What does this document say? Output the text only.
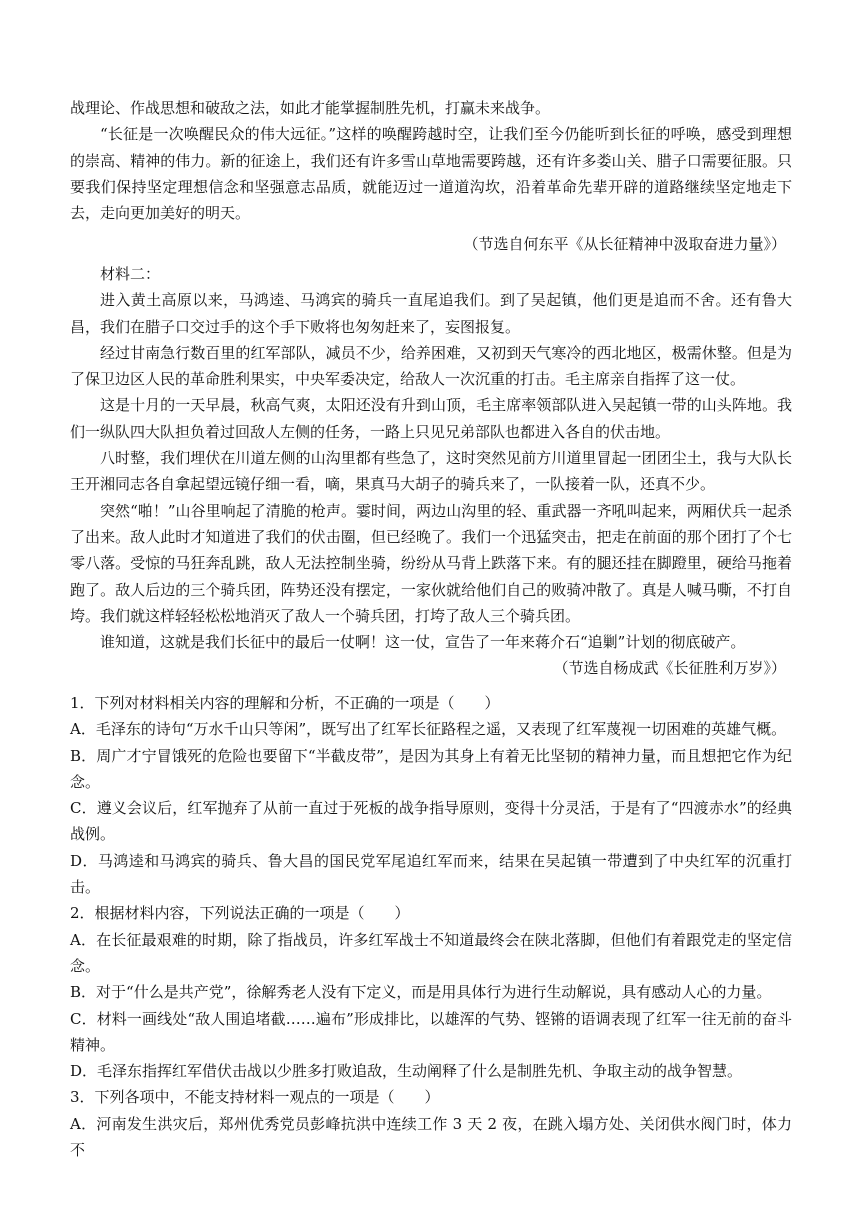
战理论、作战思想和破敌之法，如此才能掌握制胜先机，打赢未来战争。

“长征是一次唤醒民众的伟大远征。”这样的唤醒跨越时空，让我们至今仍能听到长征的呼唤，感受到理想的崇高、精神的伟力。新的征途上，我们还有许多雪山草地需要跨越，还有许多娄山关、腊子口需要征服。只要我们保持坚定理想信念和坚强意志品质，就能迈过一道道沟坎，沿着革命先辈开辟的道路继续坚定地走下去，走向更加美好的明天。

（节选自何东平《从长征精神中汲取奋进力量》）

材料二：

进入黄土高原以来，马鸿逵、马鸿宾的骑兵一直尾追我们。到了吴起镇，他们更是追而不舍。还有鲁大昌，我们在腊子口交过手的这个手下败将也匆匆赶来了，妄图报复。

经过甘南急行数百里的红军部队，减员不少，给养困难，又初到天气寒冷的西北地区，极需休整。但是为了保卫边区人民的革命胜利果实，中央军委决定，给敌人一次沉重的打击。毛主席亲自指挥了这一仗。

这是十月的一天早晨，秋高气爽，太阳还没有升到山顶，毛主席率领部队进入吴起镇一带的山头阵地。我们一纵队四大队担负着过回敌人左侧的任务，一路上只见兄弟部队也都进入各自的伏击地。

八时整，我们埋伏在川道左侧的山沟里都有些急了，这时突然见前方川道里冒起一团团尘土，我与大队长王开湘同志各自拿起望远镜仔细一看，嘀，果真马大胡子的骑兵来了，一队接着一队，还真不少。

突然“啪！”山谷里响起了清脆的枪声。霎时间，两边山沟里的轻、重武器一齐吼叫起来，两厢伏兵一起杀了出来。敌人此时才知道进了我们的伏击圈，但已经晚了。我们一个迅猛突击，把走在前面的那个团打了个七零八落。受惊的马狂奔乱跳，敌人无法控制坐骑，纷纷从马背上跌落下来。有的腿还挂在脚蹬里，硬给马拖着跑了。敌人后边的三个骑兵团，阵势还没有摆定，一家伙就给他们自己的败骑冲散了。真是人喊马嘶，不打自垮。我们就这样轻轻松松地消灭了敌人一个骑兵团，打垮了敌人三个骑兵团。

谁知道，这就是我们长征中的最后一仗啊！这一仗，宣告了一年来蒋介石“追剿”计划的彻底破产。

（节选自杨成武《长征胜利万岁》）

1．下列对材料相关内容的理解和分析，不正确的一项是（　　）

A．毛泽东的诗句“万水千山只等闲”，既写出了红军长征路程之遥，又表现了红军蔑视一切困难的英雄气概。

B．周广才宁冒饿死的危险也要留下“半截皮带”，是因为其身上有着无比坚韧的精神力量，而且想把它作为纪念。

C．遵义会议后，红军抛弃了从前一直过于死板的战争指导原则，变得十分灵活，于是有了“四渡赤水”的经典战例。

D．马鸿逵和马鸿宾的骑兵、鲁大昌的国民党军尾追红军而来，结果在吴起镇一带遭到了中央红军的沉重打击。

2．根据材料内容，下列说法正确的一项是（　　）

A．在长征最艰难的时期，除了指战员，许多红军战士不知道最终会在陕北落脚，但他们有着跟党走的坚定信念。

B．对于“什么是共产党”，徐解秀老人没有下定义，而是用具体行为进行生动解说，具有感动人心的力量。

C．材料一画线处“敌人围追堵截……遍布”形成排比，以雄浑的气势、铿锵的语调表现了红军一往无前的奋斗精神。

D．毛泽东指挥红军借伏击战以少胜多打败追敌，生动阐释了什么是制胜先机、争取主动的战争智慧。

3．下列各项中，不能支持材料一观点的一项是（　　）

A．河南发生洪灾后，郑州优秀党员彭峰抗洪中连续工作 3 天 2 夜，在跳入塌方处、关闭供水阀门时，体力不
